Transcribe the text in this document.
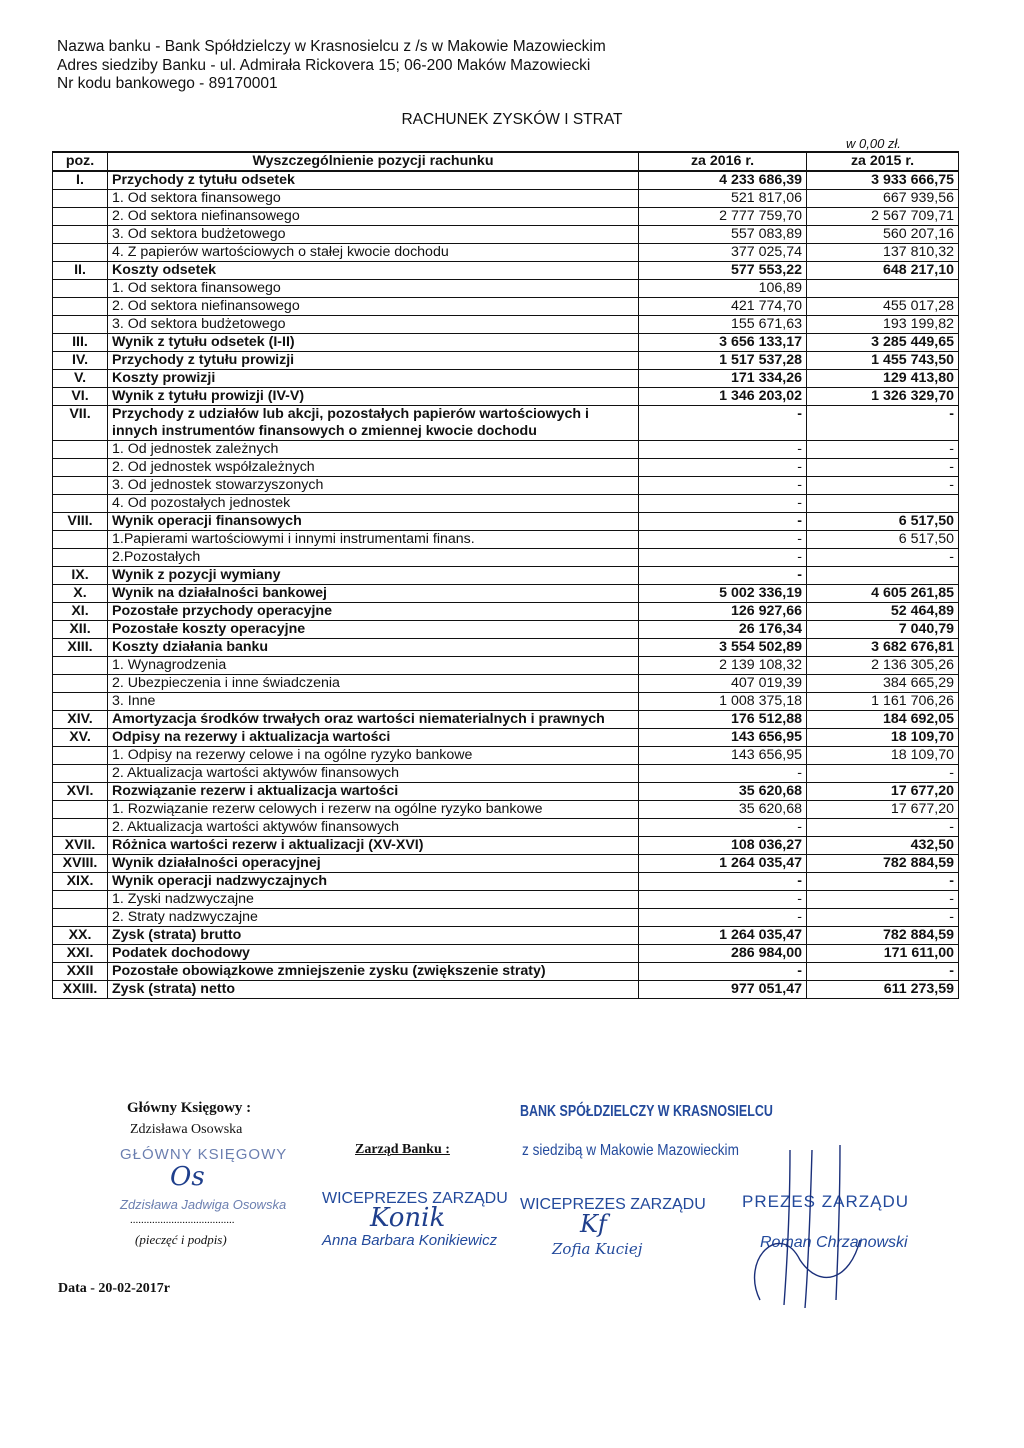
Nazwa banku - Bank Spółdzielczy w Krasnosielcu z /s w Makowie Mazowieckim
Adres siedziby Banku - ul. Admirała Rickovera 15; 06-200 Maków Mazowiecki
Nr kodu bankowego - 89170001
RACHUNEK ZYSKÓW I STRAT
w 0,00 zł.
poz.	Wyszczególnienie pozycji rachunku	za 2016 r.	za 2015 r.
I.	Przychody z tytułu odsetek	4 233 686,39	3 933 666,75
	1. Od sektora finansowego	521 817,06	667 939,56
	2. Od sektora niefinansowego	2 777 759,70	2 567 709,71
	3. Od sektora budżetowego	557 083,89	560 207,16
	4. Z papierów wartościowych o stałej kwocie dochodu	377 025,74	137 810,32
II.	Koszty odsetek	577 553,22	648 217,10
	1. Od sektora finansowego	106,89	
	2. Od sektora niefinansowego	421 774,70	455 017,28
	3. Od sektora budżetowego	155 671,63	193 199,82
III.	Wynik z tytułu odsetek (I-II)	3 656 133,17	3 285 449,65
IV.	Przychody z tytułu prowizji	1 517 537,28	1 455 743,50
V.	Koszty prowizji	171 334,26	129 413,80
VI.	Wynik z tytułu prowizji (IV-V)	1 346 203,02	1 326 329,70
VII.	Przychody z udziałów lub akcji, pozostałych papierów wartościowych i innych instrumentów finansowych o zmiennej kwocie dochodu	-	-
	1. Od jednostek zależnych	-	-
	2. Od jednostek współzależnych	-	-
	3. Od jednostek stowarzyszonych	-	-
	4. Od pozostałych jednostek	-	
VIII.	Wynik operacji finansowych	-	6 517,50
	1.Papierami wartościowymi i innymi instrumentami finans.	-	6 517,50
	2.Pozostałych	-	-
IX.	Wynik z pozycji wymiany	-	
X.	Wynik na działalności bankowej	5 002 336,19	4 605 261,85
XI.	Pozostałe przychody operacyjne	126 927,66	52 464,89
XII.	Pozostałe koszty operacyjne	26 176,34	7 040,79
XIII.	Koszty działania banku	3 554 502,89	3 682 676,81
	1. Wynagrodzenia	2 139 108,32	2 136 305,26
	2. Ubezpieczenia i inne świadczenia	407 019,39	384 665,29
	3. Inne	1 008 375,18	1 161 706,26
XIV.	Amortyzacja środków trwałych oraz wartości niematerialnych i prawnych	176 512,88	184 692,05
XV.	Odpisy na rezerwy i aktualizacja wartości	143 656,95	18 109,70
	1. Odpisy na rezerwy celowe i na ogólne ryzyko bankowe	143 656,95	18 109,70
	2. Aktualizacja wartości aktywów finansowych	-	-
XVI.	Rozwiązanie rezerw i aktualizacja wartości	35 620,68	17 677,20
	1. Rozwiązanie rezerw celowych i rezerw na ogólne ryzyko bankowe	35 620,68	17 677,20
	2. Aktualizacja wartości aktywów finansowych	-	-
XVII.	Różnica wartości rezerw i aktualizacji (XV-XVI)	108 036,27	432,50
XVIII.	Wynik działalności operacyjnej	1 264 035,47	782 884,59
XIX.	Wynik operacji nadzwyczajnych	-	-
	1. Zyski nadzwyczajne	-	-
	2. Straty nadzwyczajne	-	-
XX.	Zysk (strata) brutto	1 264 035,47	782 884,59
XXI.	Podatek dochodowy	286 984,00	171 611,00
XXII	Pozostałe obowiązkowe zmniejszenie zysku (zwiększenie straty)	-	-
XXIII.	Zysk (strata) netto	977 051,47	611 273,59
Główny Księgowy :
Zdzisława Osowska
GŁÓWNY KSIĘGOWY
Os
Zdzisława Jadwiga Osowska
......................................
(pieczęć i podpis)
Zarząd Banku :
BANK SPÓŁDZIELCZY W KRASNOSIELCU
z siedzibą w Makowie Mazowieckim
WICEPREZES ZARZĄDU
Konik
Anna Barbara Konikiewicz
WICEPREZES ZARZĄDU
Kf
Zofia Kuciej
PREZES ZARZĄDU
Roman Chrzanowski
Data - 20-02-2017r
